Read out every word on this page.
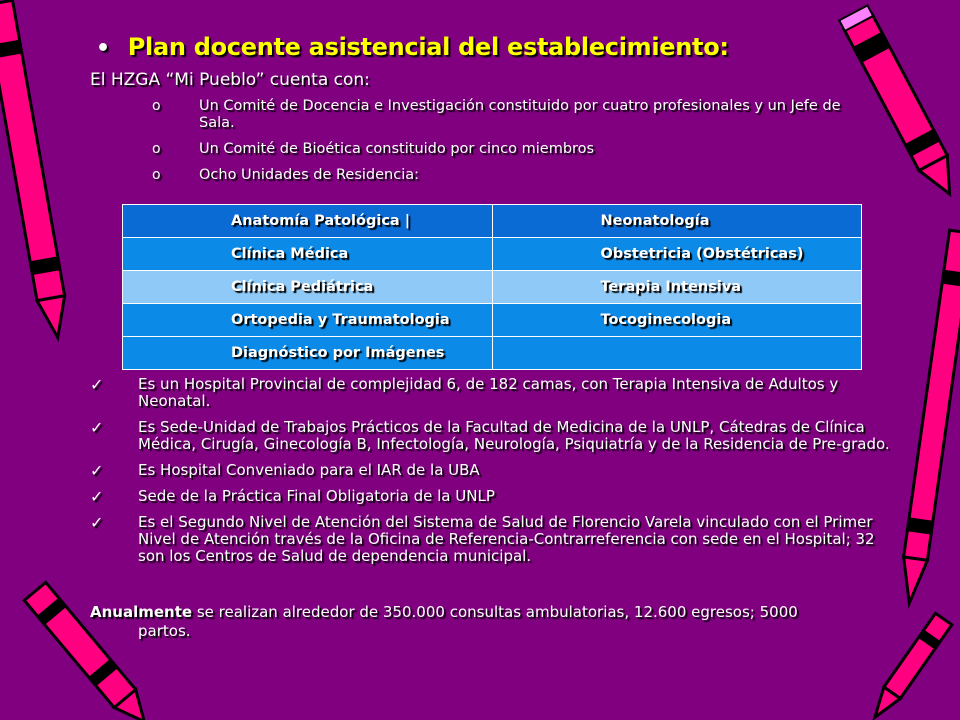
• Plan docente asistencial del establecimiento:

El HZGA “Mi Pueblo” cuenta con:

o	Un Comité de Docencia e Investigación constituido por cuatro profesionales y un Jefe de Sala.
o	Un Comité de Bioética constituido por cinco miembros
o	Ocho Unidades de Residencia:
Anatomía Patológica |	Neonatología
Clínica Médica	Obstetricia (Obstétricas)
Clínica Pediátrica	Terapia Intensiva
Ortopedia y Traumatologia	Tocoginecologia
Diagnóstico por Imágenes	
✓ Es un Hospital Provincial de complejidad 6, de 182 camas, con Terapia Intensiva de Adultos y Neonatal.
✓ Es Sede-Unidad de Trabajos Prácticos de la Facultad de Medicina de la UNLP, Cátedras de Clínica Médica, Cirugía, Ginecología B, Infectología, Neurología, Psiquiatría y de la Residencia de Pre-grado.
✓ Es Hospital Conveniado para el IAR de la UBA
✓ Sede de la Práctica Final Obligatoria de la UNLP
✓ Es el Segundo Nivel de Atención del Sistema de Salud de Florencio Varela vinculado con el Primer Nivel de Atención través de la Oficina de Referencia-Contrarreferencia con sede en el Hospital; 32 son los Centros de Salud de dependencia municipal.

Anualmente se realizan alrededor de 350.000 consultas ambulatorias, 12.600 egresos; 5000
partos.
